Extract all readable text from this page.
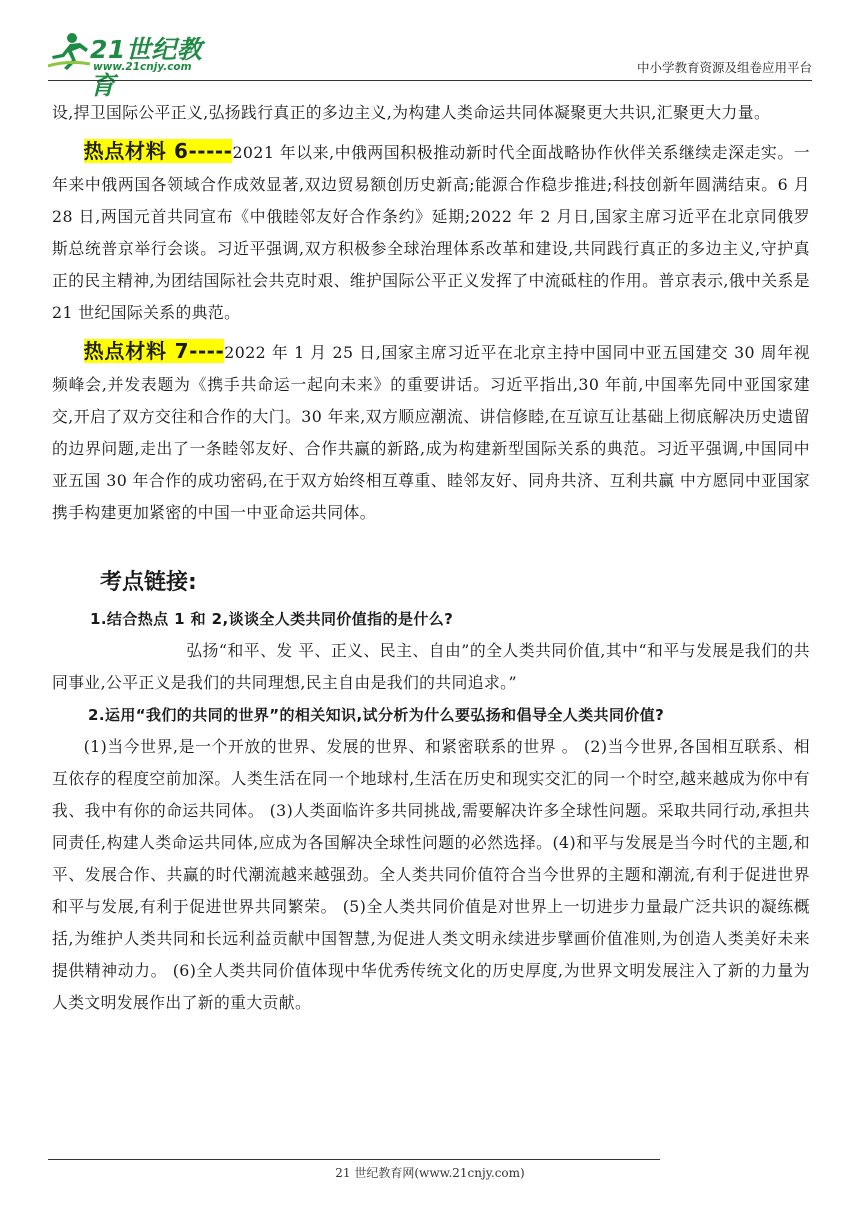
21世纪教育
www.21cnjy.com	中小学教育资源及组卷应用平台

设,捍卫国际公平正义,弘扬践行真正的多边主义,为构建人类命运共同体凝聚更大共识,汇聚更大力量。

热点材料 6-----2021 年以来,中俄两国积极推动新时代全面战略协作伙伴关系继续走深走实。一年来中俄两国各领域合作成效显著,双边贸易额创历史新高;能源合作稳步推进;科技创新年圆满结束。6 月 28 日,两国元首共同宣布《中俄睦邻友好合作条约》延期;2022 年 2 月日,国家主席习近平在北京同俄罗斯总统普京举行会谈。习近平强调,双方积极参全球治理体系改革和建设,共同践行真正的多边主义,守护真正的民主精神,为团结国际社会共克时艰、维护国际公平正义发挥了中流砥柱的作用。普京表示,俄中关系是 21 世纪国际关系的典范。

热点材料 7----2022 年 1 月 25 日,国家主席习近平在北京主持中国同中亚五国建交 30 周年视频峰会,并发表题为《携手共命运一起向未来》的重要讲话。习近平指出,30 年前,中国率先同中亚国家建交,开启了双方交往和合作的大门。30 年来,双方顺应潮流、讲信修睦,在互谅互让基础上彻底解决历史遗留的边界问题,走出了一条睦邻友好、合作共赢的新路,成为构建新型国际关系的典范。习近平强调,中国同中亚五国 30 年合作的成功密码,在于双方始终相互尊重、睦邻友好、同舟共济、互利共赢 中方愿同中亚国家携手构建更加紧密的中国一中亚命运共同体。

考点链接:

1.结合热点 1 和 2,谈谈全人类共同价值指的是什么?

弘扬“和平、发 平、正义、民主、自由”的全人类共同价值,其中“和平与发展是我们的共同事业,公平正义是我们的共同理想,民主自由是我们的共同追求。”

2.运用“我们的共同的世界”的相关知识,试分析为什么要弘扬和倡导全人类共同价值?

(1)当今世界,是一个开放的世界、发展的世界、和紧密联系的世界 。 (2)当今世界,各国相互联系、相互依存的程度空前加深。人类生活在同一个地球村,生活在历史和现实交汇的同一个时空,越来越成为你中有我、我中有你的命运共同体。 (3)人类面临许多共同挑战,需要解决许多全球性问题。采取共同行动,承担共同责任,构建人类命运共同体,应成为各国解决全球性问题的必然选择。(4)和平与发展是当今时代的主题,和平、发展合作、共赢的时代潮流越来越强劲。全人类共同价值符合当今世界的主题和潮流,有利于促进世界和平与发展,有利于促进世界共同繁荣。 (5)全人类共同价值是对世界上一切进步力量最广泛共识的凝练概括,为维护人类共同和长远利益贡献中国智慧,为促进人类文明永续进步擘画价值准则,为创造人类美好未来提供精神动力。 (6)全人类共同价值体现中华优秀传统文化的历史厚度,为世界文明发展注入了新的力量为人类文明发展作出了新的重大贡献。

21 世纪教育网(www.21cnjy.com)
